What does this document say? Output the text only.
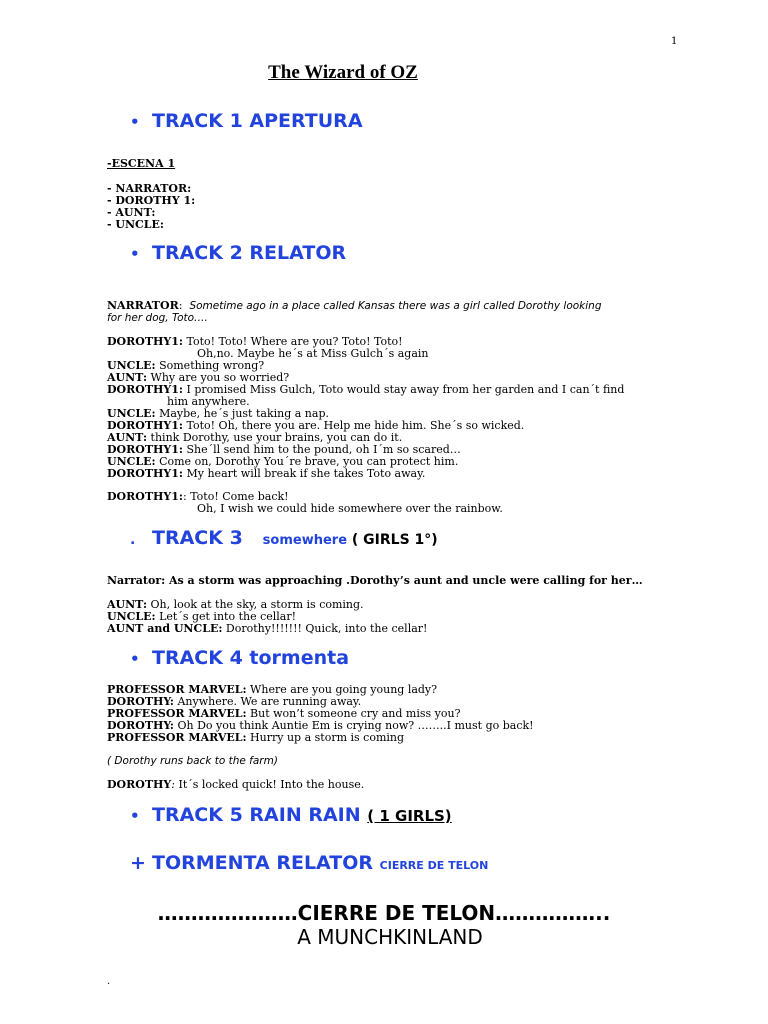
1
The Wizard of OZ
• TRACK 1 APERTURA
-ESCENA 1
- NARRATOR:
- DOROTHY 1:
- AUNT:
- UNCLE:
• TRACK 2 RELATOR
NARRATOR: Sometime ago in a place called Kansas there was a girl called Dorothy looking
for her dog, Toto….
DOROTHY1: Toto! Toto! Where are you? Toto! Toto!
Oh,no. Maybe he´s at Miss Gulch´s again
UNCLE: Something wrong?
AUNT: Why are you so worried?
DOROTHY1: I promised Miss Gulch, Toto would stay away from her garden and I can´t find
him anywhere.
UNCLE: Maybe, he´s just taking a nap.
DOROTHY1: Toto! Oh, there you are. Help me hide him. She´s so wicked.
AUNT: think Dorothy, use your brains, you can do it.
DOROTHY1: She´ll send him to the pound, oh I´m so scared…
UNCLE: Come on, Dorothy You´re brave, you can protect him.
DOROTHY1: My heart will break if she takes Toto away.
DOROTHY1:: Toto! Come back!
Oh, I wish we could hide somewhere over the rainbow.
. TRACK 3 somewhere ( GIRLS 1°)
Narrator: As a storm was approaching .Dorothy’s aunt and uncle were calling for her…
AUNT: Oh, look at the sky, a storm is coming.
UNCLE: Let´s get into the cellar!
AUNT and UNCLE: Dorothy!!!!!!! Quick, into the cellar!
• TRACK 4 tormenta
PROFESSOR MARVEL: Where are you going young lady?
DOROTHY: Anywhere. We are running away.
PROFESSOR MARVEL: But won’t someone cry and miss you?
DOROTHY: Oh Do you think Auntie Em is crying now? ……..I must go back!
PROFESSOR MARVEL: Hurry up a storm is coming
( Dorothy runs back to the farm)
DOROTHY: It´s locked quick! Into the house.
• TRACK 5 RAIN RAIN ( 1 GIRLS)
+ TORMENTA RELATOR CIERRE DE TELON
…………………CIERRE DE TELON……………..
A MUNCHKINLAND
.
